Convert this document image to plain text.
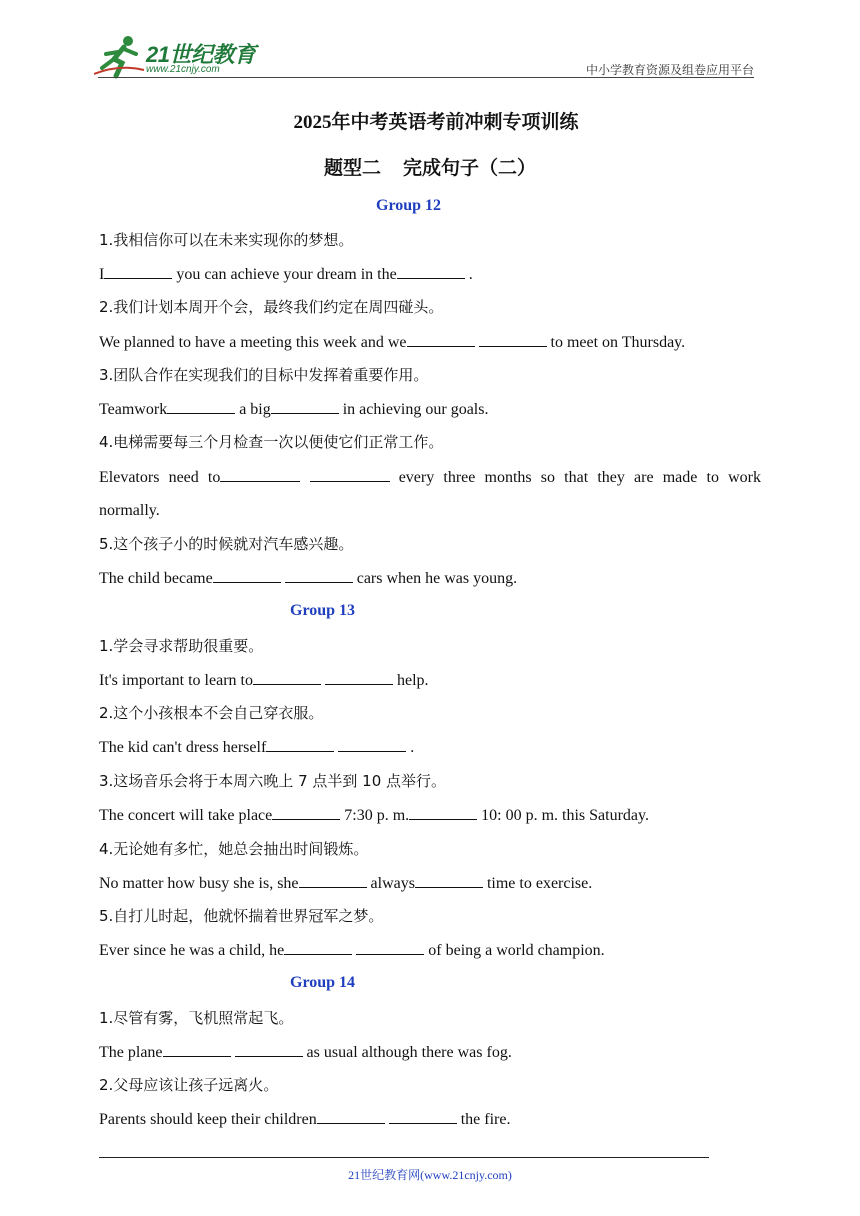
21世纪教育
www.21cnjy.com	中小学教育资源及组卷应用平台
2025年中考英语考前冲刺专项训练
题型二 完成句子（二）
Group 12
1.我相信你可以在未来实现你的梦想。
I	you can achieve your dream in the	.
2.我们计划本周开个会，最终我们约定在周四碰头。
We planned to have a meeting this week and we	to meet on Thursday.
3.团队合作在实现我们的目标中发挥着重要作用。
Teamwork	a big	in achieving our goals.
4.电梯需要每三个月检查一次以便使它们正常工作。
Elevators need to	every three months so that they are made to work
normally.
5.这个孩子小的时候就对汽车感兴趣。
The child became	cars when he was young.
Group 13
1.学会寻求帮助很重要。
It's important to learn to	help.
2.这个小孩根本不会自己穿衣服。
The kid can't dress herself	.
3.这场音乐会将于本周六晚上 7 点半到 10 点举行。
The concert will take place	7:30 p. m.	10: 00 p. m. this Saturday.
4.无论她有多忙，她总会抽出时间锻炼。
No matter how busy she is, she	always	time to exercise.
5.自打儿时起，他就怀揣着世界冠军之梦。
Ever since he was a child, he	of being a world champion.
Group 14
1.尽管有雾，飞机照常起飞。
The plane	as usual although there was fog.
2.父母应该让孩子远离火。
Parents should keep their children	the fire.
21世纪教育网(www.21cnjy.com)
